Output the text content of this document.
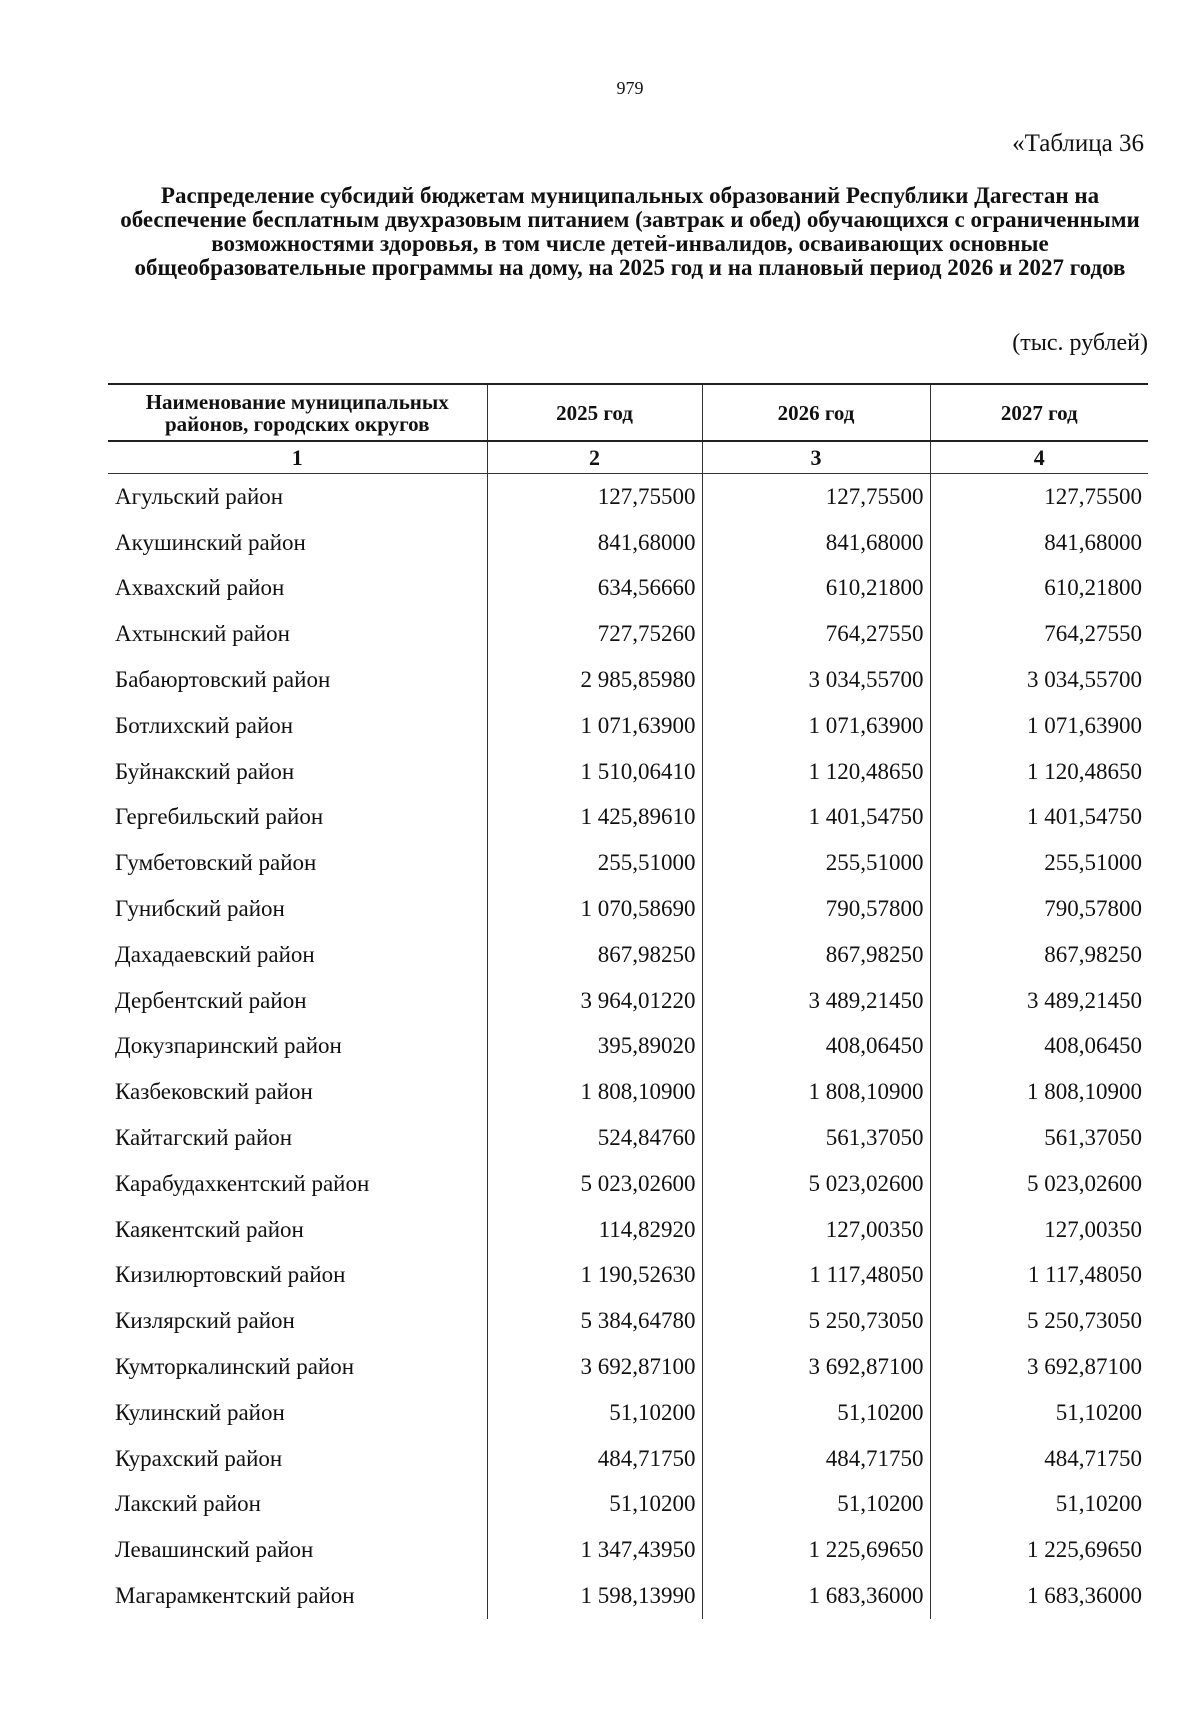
979
«Таблица 36
Распределение субсидий бюджетам муниципальных образований Республики Дагестан на обеспечение бесплатным двухразовым питанием (завтрак и обед) обучающихся с ограниченными возможностями здоровья, в том числе детей-инвалидов, осваивающих основные общеобразовательные программы на дому, на 2025 год и на плановый период 2026 и 2027 годов
(тыс. рублей)
Наименование муниципальных районов, городских округов	2025 год	2026 год	2027 год
1	2	3	4
Агульский район	127,75500	127,75500	127,75500
Акушинский район	841,68000	841,68000	841,68000
Ахвахский район	634,56660	610,21800	610,21800
Ахтынский район	727,75260	764,27550	764,27550
Бабаюртовский район	2 985,85980	3 034,55700	3 034,55700
Ботлихский район	1 071,63900	1 071,63900	1 071,63900
Буйнакский район	1 510,06410	1 120,48650	1 120,48650
Гергебильский район	1 425,89610	1 401,54750	1 401,54750
Гумбетовский район	255,51000	255,51000	255,51000
Гунибский район	1 070,58690	790,57800	790,57800
Дахадаевский район	867,98250	867,98250	867,98250
Дербентский район	3 964,01220	3 489,21450	3 489,21450
Докузпаринский район	395,89020	408,06450	408,06450
Казбековский район	1 808,10900	1 808,10900	1 808,10900
Кайтагский район	524,84760	561,37050	561,37050
Карабудахкентский район	5 023,02600	5 023,02600	5 023,02600
Каякентский район	114,82920	127,00350	127,00350
Кизилюртовский район	1 190,52630	1 117,48050	1 117,48050
Кизлярский район	5 384,64780	5 250,73050	5 250,73050
Кумторкалинский район	3 692,87100	3 692,87100	3 692,87100
Кулинский район	51,10200	51,10200	51,10200
Курахский район	484,71750	484,71750	484,71750
Лакский район	51,10200	51,10200	51,10200
Левашинский район	1 347,43950	1 225,69650	1 225,69650
Магарамкентский район	1 598,13990	1 683,36000	1 683,36000
